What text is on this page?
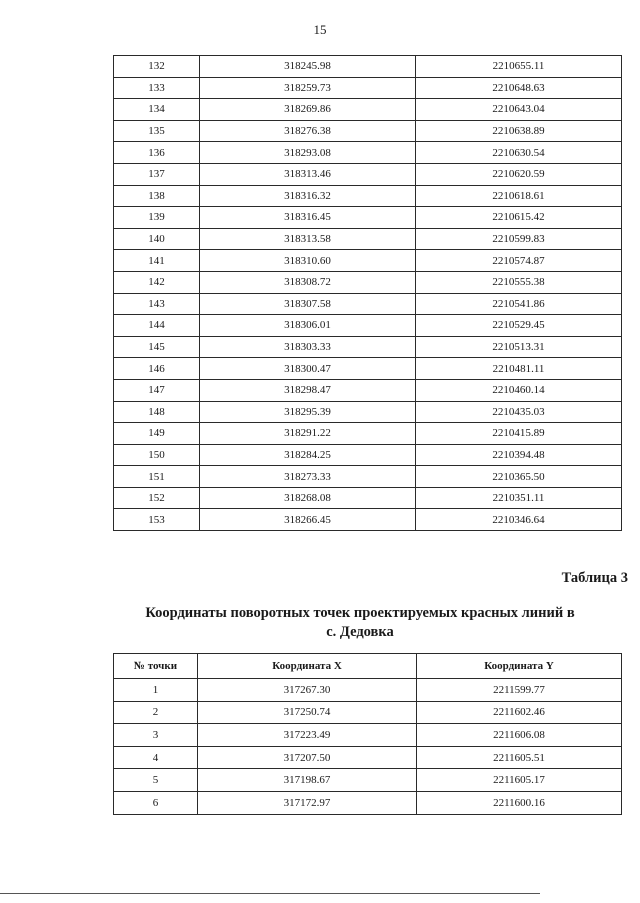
15
132	318245.98	2210655.11
133	318259.73	2210648.63
134	318269.86	2210643.04
135	318276.38	2210638.89
136	318293.08	2210630.54
137	318313.46	2210620.59
138	318316.32	2210618.61
139	318316.45	2210615.42
140	318313.58	2210599.83
141	318310.60	2210574.87
142	318308.72	2210555.38
143	318307.58	2210541.86
144	318306.01	2210529.45
145	318303.33	2210513.31
146	318300.47	2210481.11
147	318298.47	2210460.14
148	318295.39	2210435.03
149	318291.22	2210415.89
150	318284.25	2210394.48
151	318273.33	2210365.50
152	318268.08	2210351.11
153	318266.45	2210346.64
Таблица 3
Координаты поворотных точек проектируемых красных линий в
с. Дедовка
№ точки	Координата X	Координата Y
1	317267.30	2211599.77
2	317250.74	2211602.46
3	317223.49	2211606.08
4	317207.50	2211605.51
5	317198.67	2211605.17
6	317172.97	2211600.16
